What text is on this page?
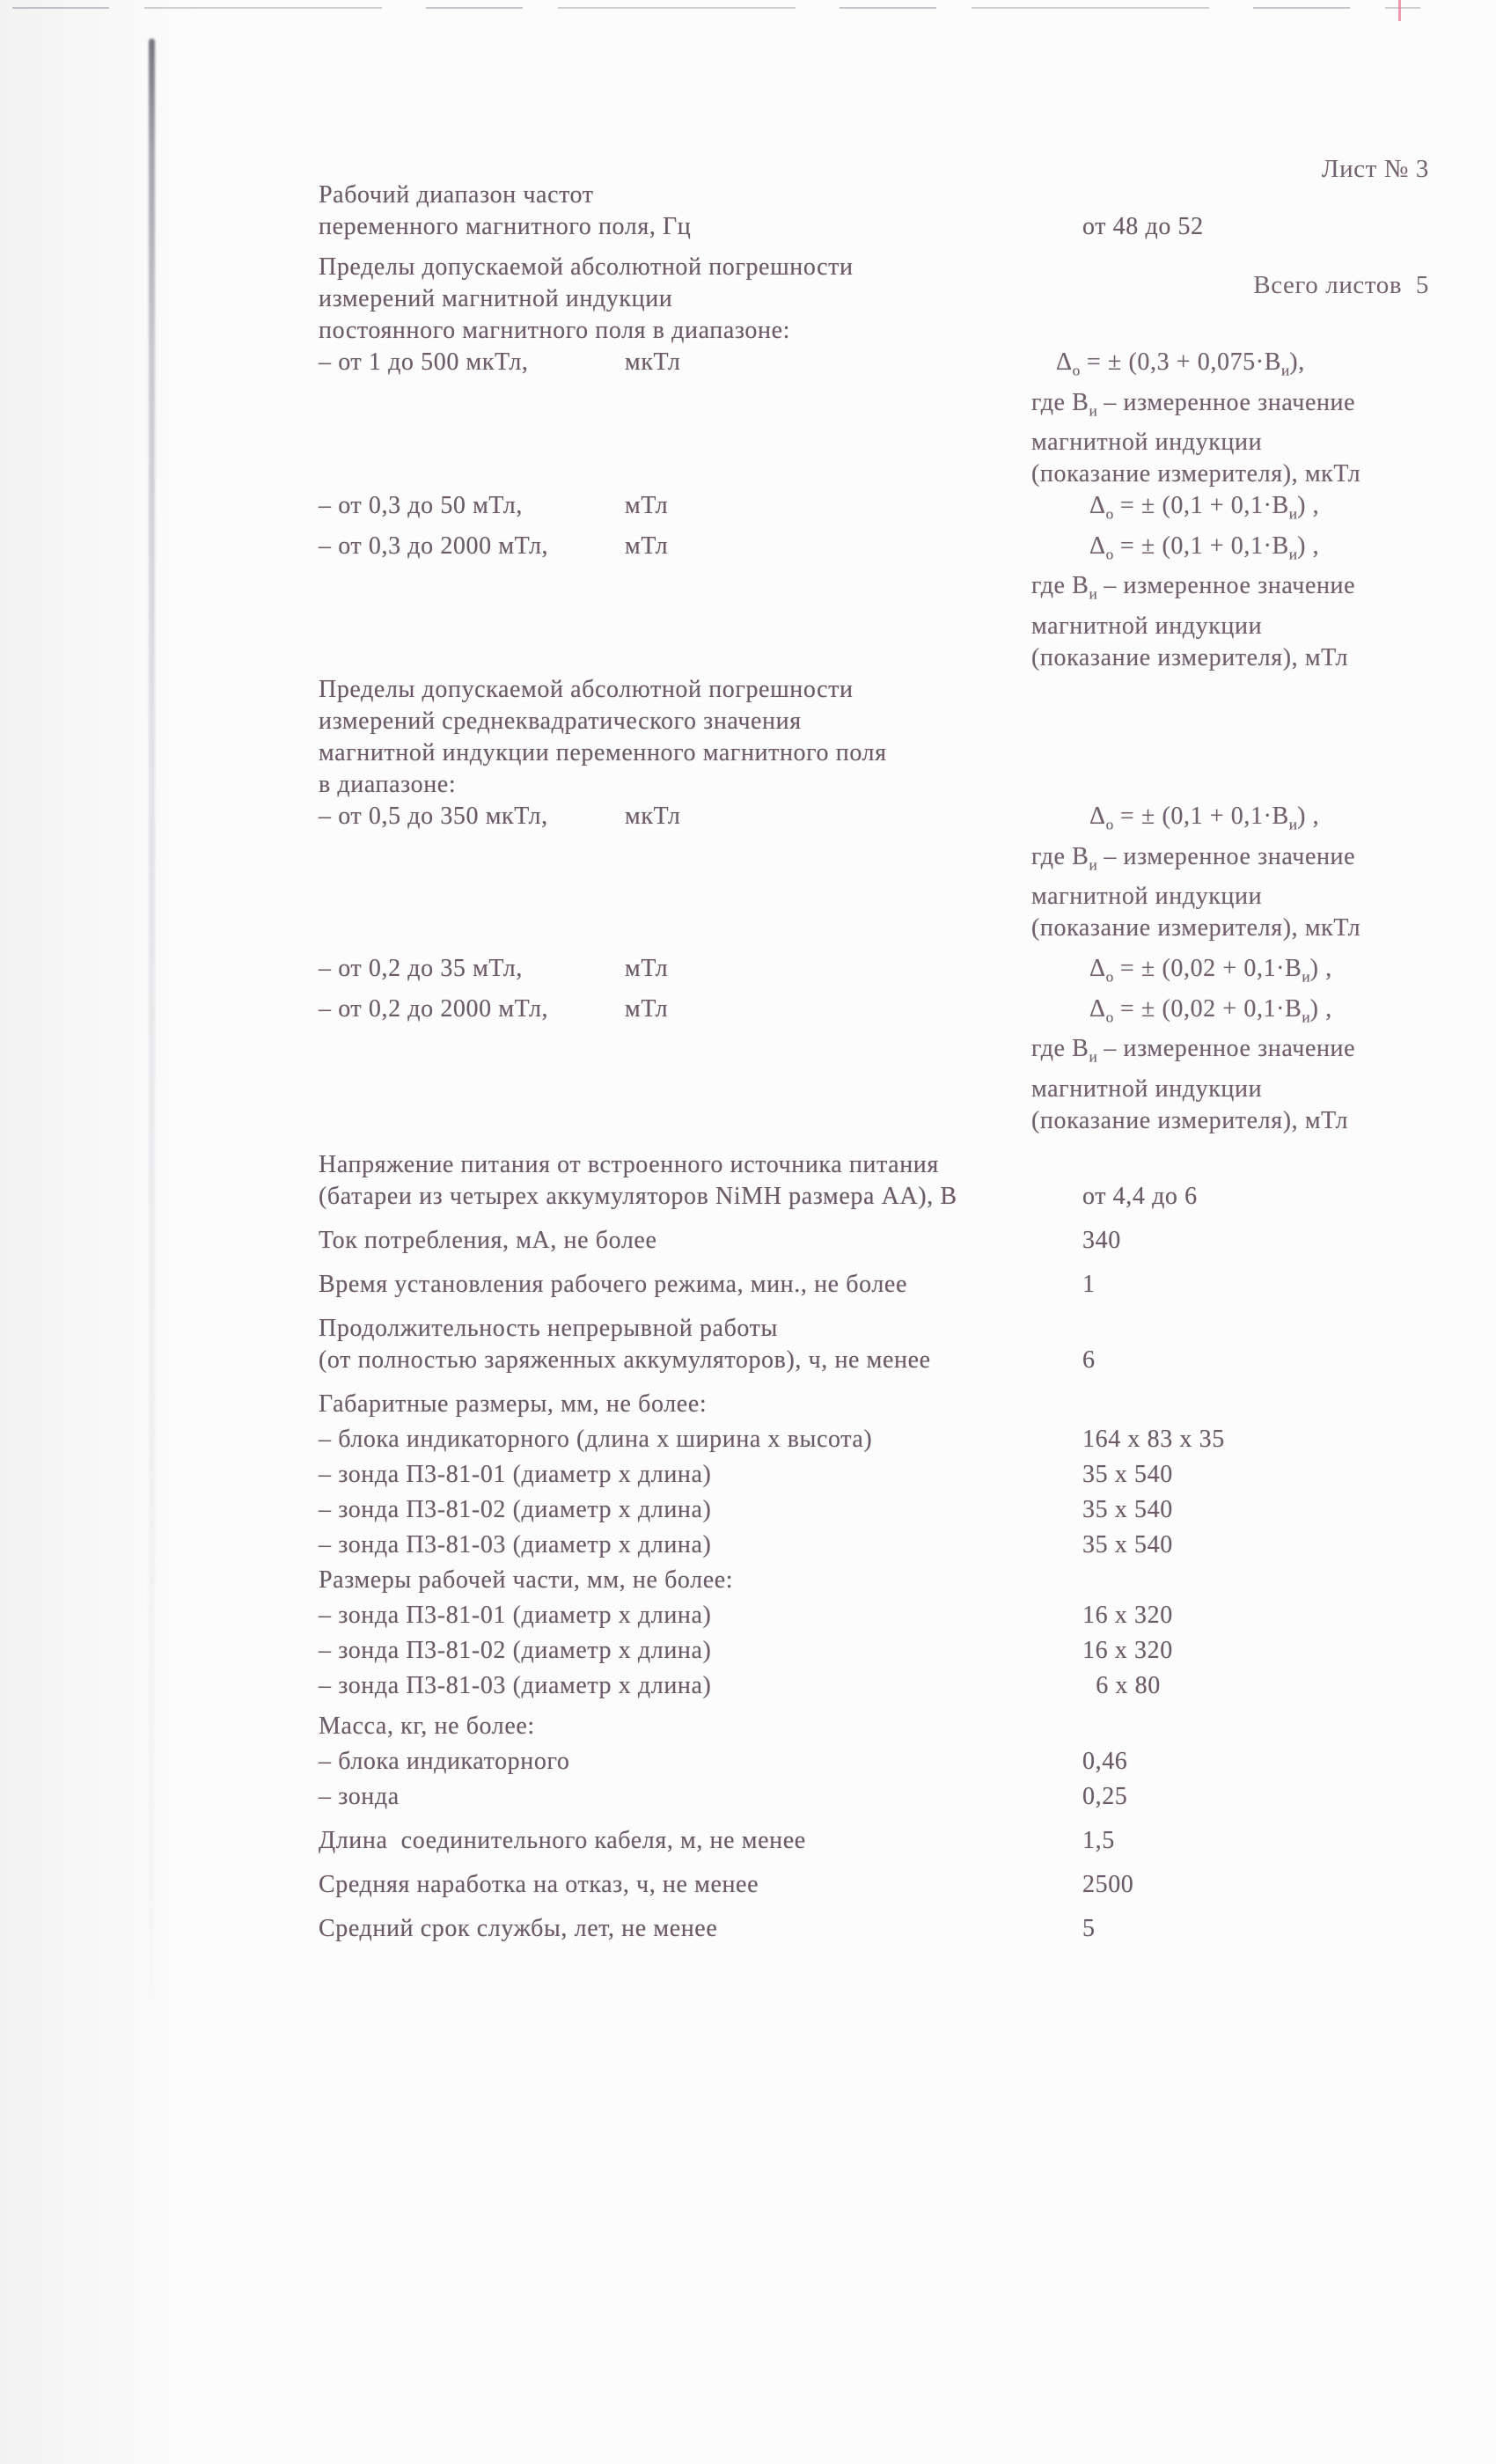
Лист № 3

Всего листов  5

Рабочий диапазон частот
переменного магнитного поля, Гц	от 48 до 52
Пределы допускаемой абсолютной погрешности
измерений магнитной индукции
постоянного магнитного поля в диапазоне:
– от 1 до 500 мкТл,	мкТл	$\Delta_о$ = ± $(0,3 + 0,075\cdot В_и)$,
где $В_и$ – измеренное значение
магнитной индукции
(показание измерителя), мкТл
– от 0,3 до 50 мТл,	мТл	$\Delta_о$ = ± $(0,1 + 0,1\cdot В_и)$ ,
– от 0,3 до 2000 мТл,	мТл	$\Delta_о$ = ± $(0,1 + 0,1\cdot В_и)$ ,
где $В_и$ – измеренное значение
магнитной индукции
(показание измерителя), мТл
Пределы допускаемой абсолютной погрешности
измерений среднеквадратического значения
магнитной индукции переменного магнитного поля
в диапазоне:
– от 0,5 до 350 мкТл,	мкТл	$\Delta_о$ = ± $(0,1 + 0,1\cdot В_и)$ ,
где $В_и$ – измеренное значение
магнитной индукции
(показание измерителя), мкТл
– от 0,2 до 35 мТл,	мТл	$\Delta_о$ = ± $(0,02 + 0,1\cdot В_и)$ ,
– от 0,2 до 2000 мТл,	мТл	$\Delta_о$ = ± $(0,02 + 0,1\cdot В_и)$ ,
где $В_и$ – измеренное значение
магнитной индукции
(показание измерителя), мТл
Напряжение питания от встроенного источника питания
(батареи из четырех аккумуляторов NiMH размера АА), В	от 4,4 до 6
Ток потребления, мА, не более	340
Время установления рабочего режима, мин., не более	1
Продолжительность непрерывной работы
(от полностью заряженных аккумуляторов), ч, не менее	6
Габаритные размеры, мм, не более:
– блока индикаторного (длина х ширина х высота)	164 х 83 х 35
– зонда П3-81-01 (диаметр х длина)	35 х 540
– зонда П3-81-02 (диаметр х длина)	35 х 540
– зонда П3-81-03 (диаметр х длина)	35 х 540
Размеры рабочей части, мм, не более:
– зонда П3-81-01 (диаметр х длина)	16 х 320
– зонда П3-81-02 (диаметр х длина)	16 х 320
– зонда П3-81-03 (диаметр х длина)	6 х 80
Масса, кг, не более:
– блока индикаторного	0,46
– зонда	0,25
Длина  соединительного кабеля, м, не менее	1,5
Средняя наработка на отказ, ч, не менее	2500
Средний срок службы, лет, не менее	5
